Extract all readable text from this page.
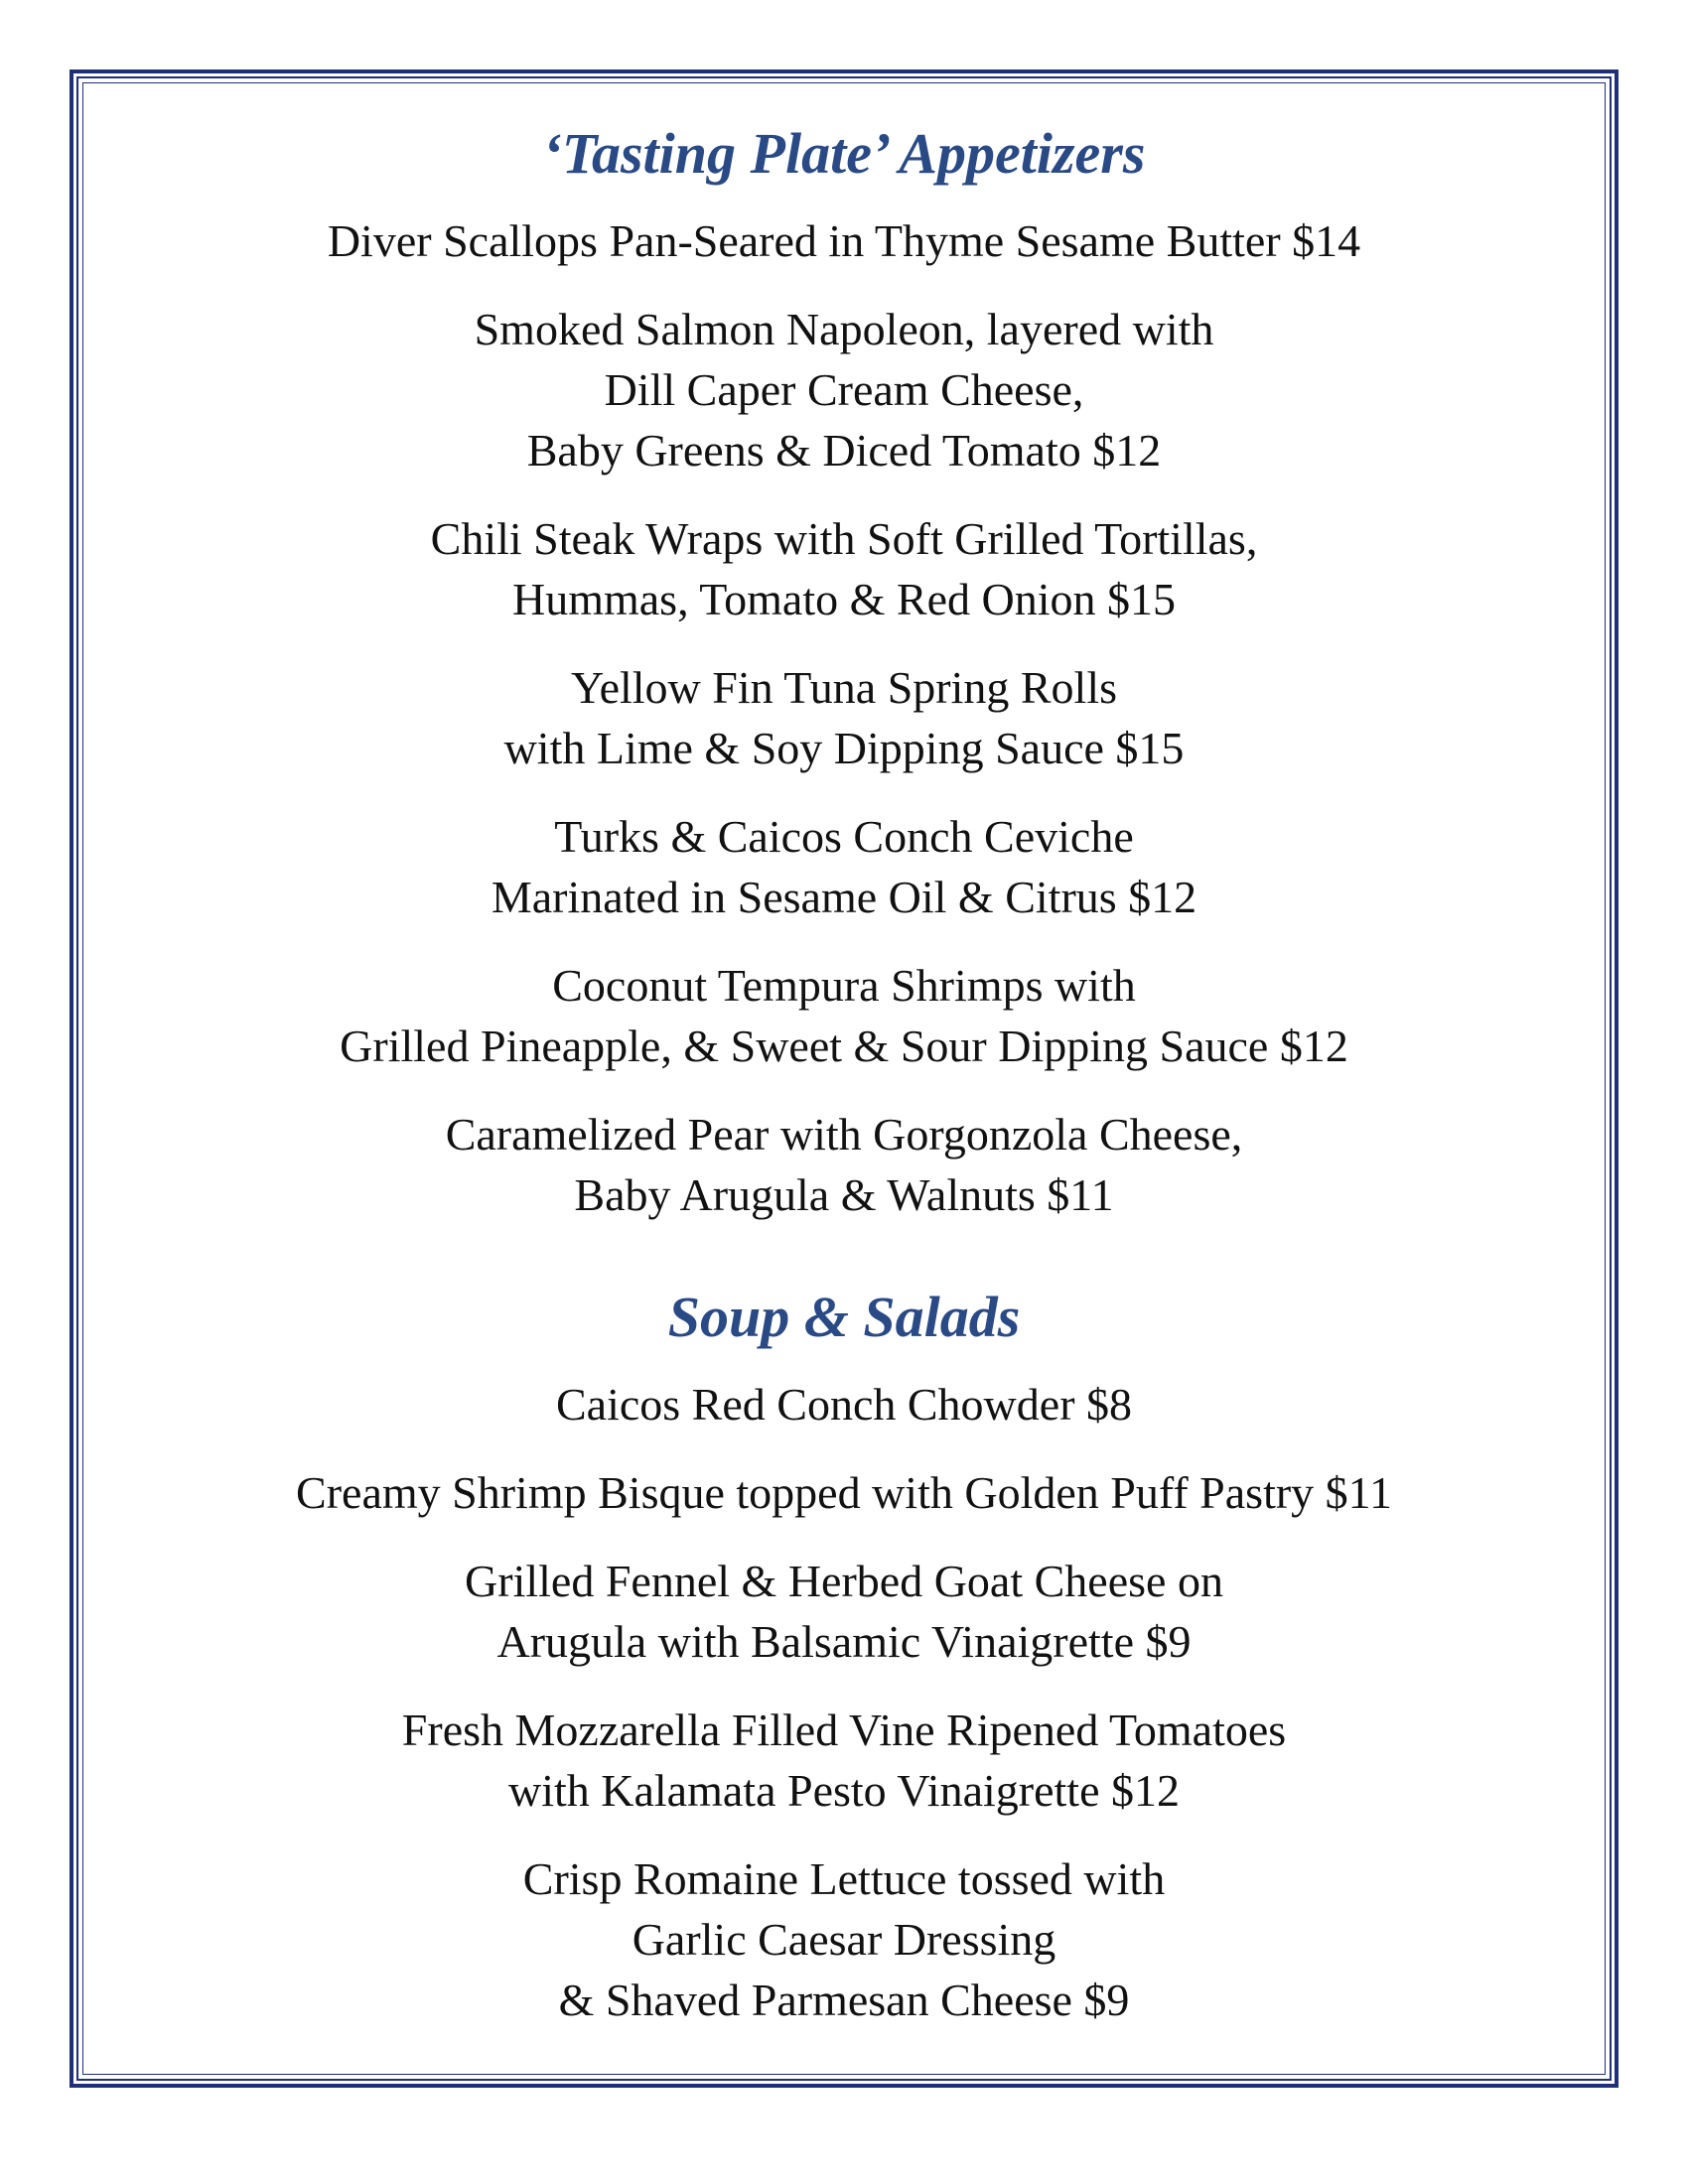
‘Tasting Plate’ Appetizers

Diver Scallops Pan-Seared in Thyme Sesame Butter $14

Smoked Salmon Napoleon, layered with
Dill Caper Cream Cheese,
Baby Greens & Diced Tomato $12

Chili Steak Wraps with Soft Grilled Tortillas,
Hummas, Tomato & Red Onion $15

Yellow Fin Tuna Spring Rolls
with Lime & Soy Dipping Sauce $15

Turks & Caicos Conch Ceviche
Marinated in Sesame Oil & Citrus $12

Coconut Tempura Shrimps with
Grilled Pineapple, & Sweet & Sour Dipping Sauce $12

Caramelized Pear with Gorgonzola Cheese,
Baby Arugula & Walnuts $11

Soup & Salads

Caicos Red Conch Chowder $8

Creamy Shrimp Bisque topped with Golden Puff Pastry $11

Grilled Fennel & Herbed Goat Cheese on
Arugula with Balsamic Vinaigrette $9

Fresh Mozzarella Filled Vine Ripened Tomatoes
with Kalamata Pesto Vinaigrette $12

Crisp Romaine Lettuce tossed with
Garlic Caesar Dressing
& Shaved Parmesan Cheese $9
